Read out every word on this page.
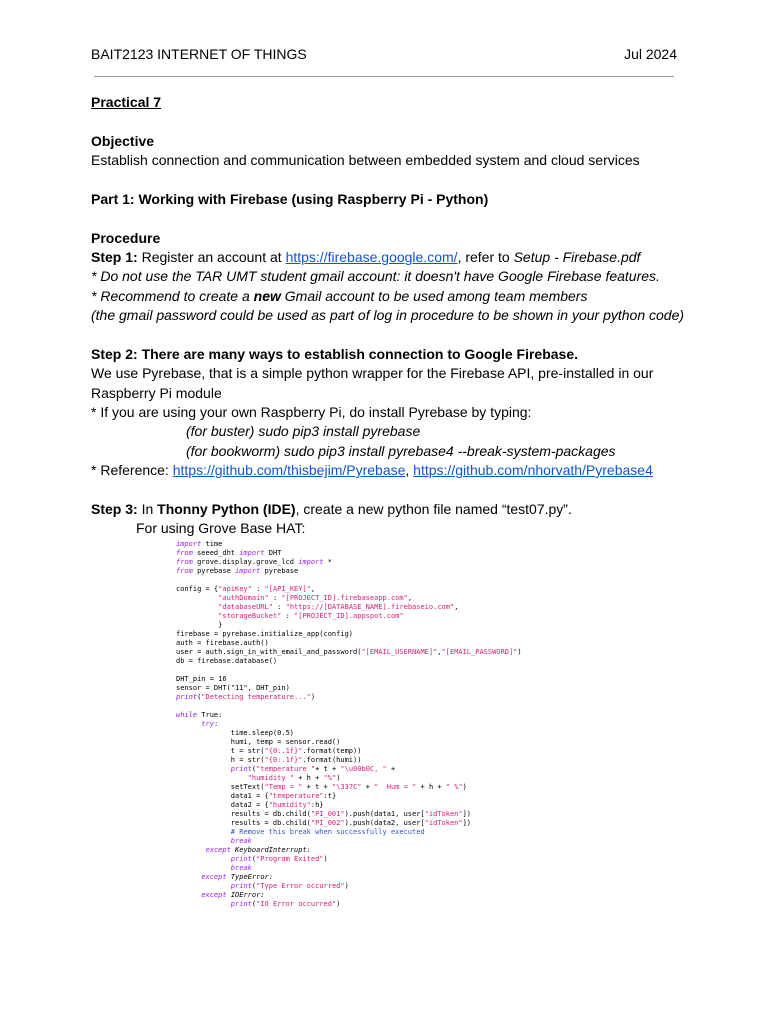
BAIT2123 INTERNET OF THINGS	Jul 2024
Practical 7
Objective
Establish connection and communication between embedded system and cloud services
Part 1: Working with Firebase (using Raspberry Pi - Python)
Procedure
Step 1: Register an account at https://firebase.google.com/, refer to Setup - Firebase.pdf
* Do not use the TAR UMT student gmail account: it doesn't have Google Firebase features.
* Recommend to create a new Gmail account to be used among team members
(the gmail password could be used as part of log in procedure to be shown in your python code)
Step 2: There are many ways to establish connection to Google Firebase.
We use Pyrebase, that is a simple python wrapper for the Firebase API, pre-installed in our
Raspberry Pi module
* If you are using your own Raspberry Pi, do install Pyrebase by typing:
(for buster) sudo pip3 install pyrebase
(for bookworm) sudo pip3 install pyrebase4 --break-system-packages
* Reference: https://github.com/thisbejim/Pyrebase, https://github.com/nhorvath/Pyrebase4
Step 3: In Thonny Python (IDE), create a new python file named “test07.py”.
For using Grove Base HAT:
import time
from seeed_dht import DHT
from grove.display.grove_lcd import *
from pyrebase import pyrebase

config = {"apiKey" : "[API_KEY]",
"authDomain" : "[PROJECT_ID].firebaseapp.com",
"databaseURL" : "https://[DATABASE_NAME].firebaseio.com",
"storageBucket" : "[PROJECT_ID].appspot.com"
}
firebase = pyrebase.initialize_app(config)
auth = firebase.auth()
user = auth.sign_in_with_email_and_password("[EMAIL_USERNAME]","[EMAIL_PASSWORD]")
db = firebase.database()

DHT_pin = 16
sensor = DHT("11", DHT_pin)
print("Detecting temperature...")

while True:
try:
time.sleep(0.5)
humi, temp = sensor.read()
t = str("{0:.1f}".format(temp))
h = str("{0:.1f}".format(humi))
print("temperature "+ t + "\u00b0C, " +
"humidity " + h + "%")
setText("Temp = " + t + "\337C" + "  Hum = " + h + " %")
data1 = {"temperature":t}
data2 = {"humidity":h}
results = db.child("PI_001").push(data1, user["idToken"])
results = db.child("PI_002").push(data2, user["idToken"])
# Remove this break when successfully executed
break
except KeyboardInterrupt:
print("Program Exited")
break
except TypeError:
print("Type Error occurred")
except IOError:
print("IO Error occurred")
